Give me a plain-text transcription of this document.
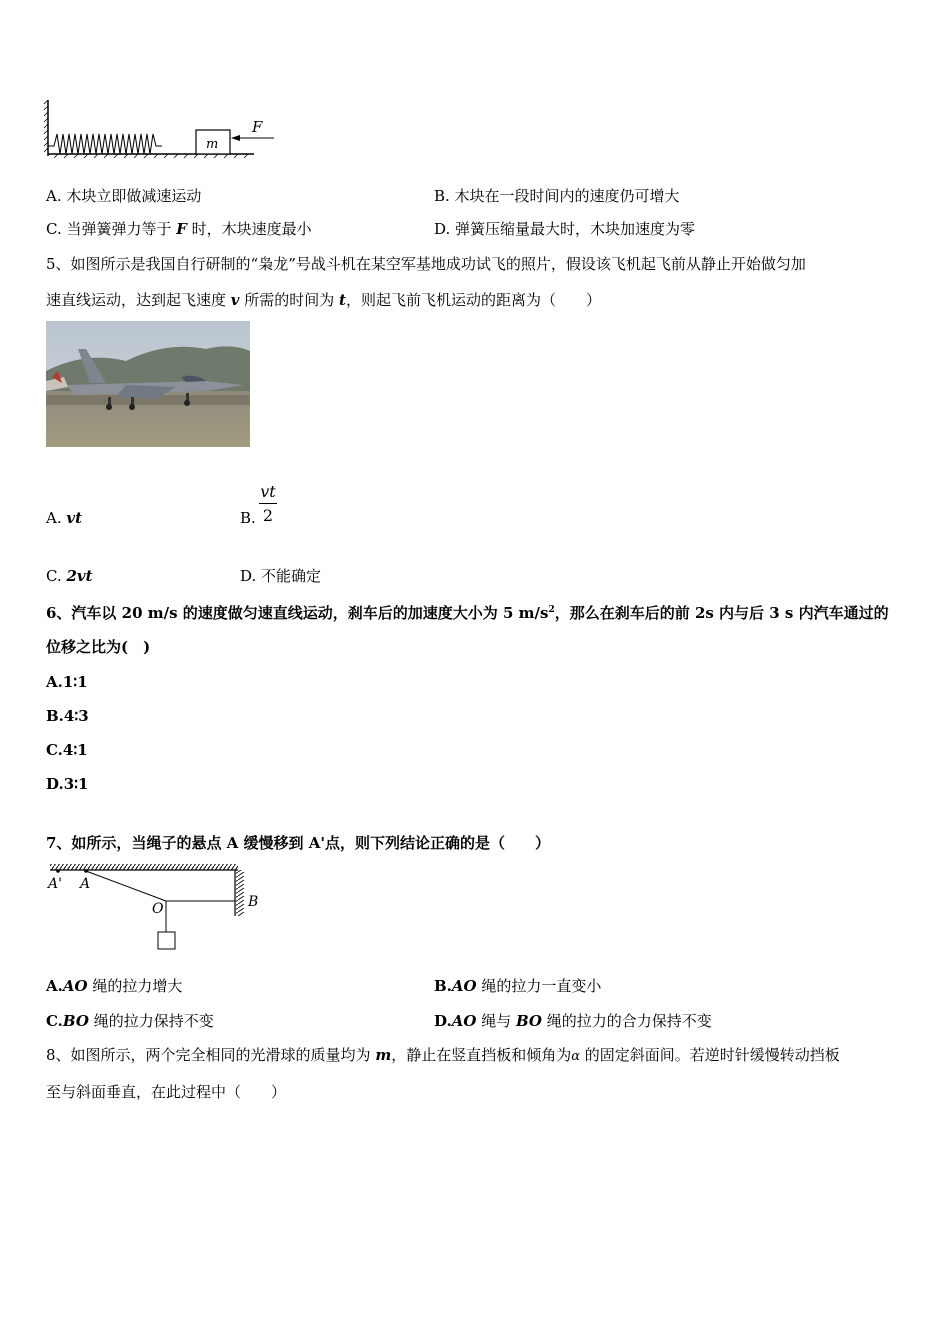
m
F
A. 木块立即做减速运动	B. 木块在一段时间内的速度仍可增大
C. 当弹簧弹力等于 F 时，木块速度最小	D. 弹簧压缩量最大时，木块加速度为零
5、如图所示是我国自行研制的“枭龙”号战斗机在某空军基地成功试飞的照片，假设该飞机起飞前从静止开始做匀加
速直线运动，达到起飞速度 v 所需的时间为 t，则起飞前飞机运动的距离为（　　）
A. vt	B.
vt
2
C. 2vt	D. 不能确定
6、汽车以 20 m/s 的速度做匀速直线运动，刹车后的加速度大小为 5 $m/s^2$，那么在刹车后的前 2s 内与后 3 s 内汽车通过的
位移之比为(　)
A.1∶1
B.4∶3
C.4∶1
D.3∶1
7、如所示，当绳子的悬点 A 缓慢移到 A'点，则下列结论正确的是（　　）
A' A
O	B
A.AO 绳的拉力增大	B.AO 绳的拉力一直变小
C.BO 绳的拉力保持不变	D.AO 绳与 BO 绳的拉力的合力保持不变
8、如图所示，两个完全相同的光滑球的质量均为 m，静止在竖直挡板和倾角为α 的固定斜面间。若逆时针缓慢转动挡板
至与斜面垂直，在此过程中（　　）
